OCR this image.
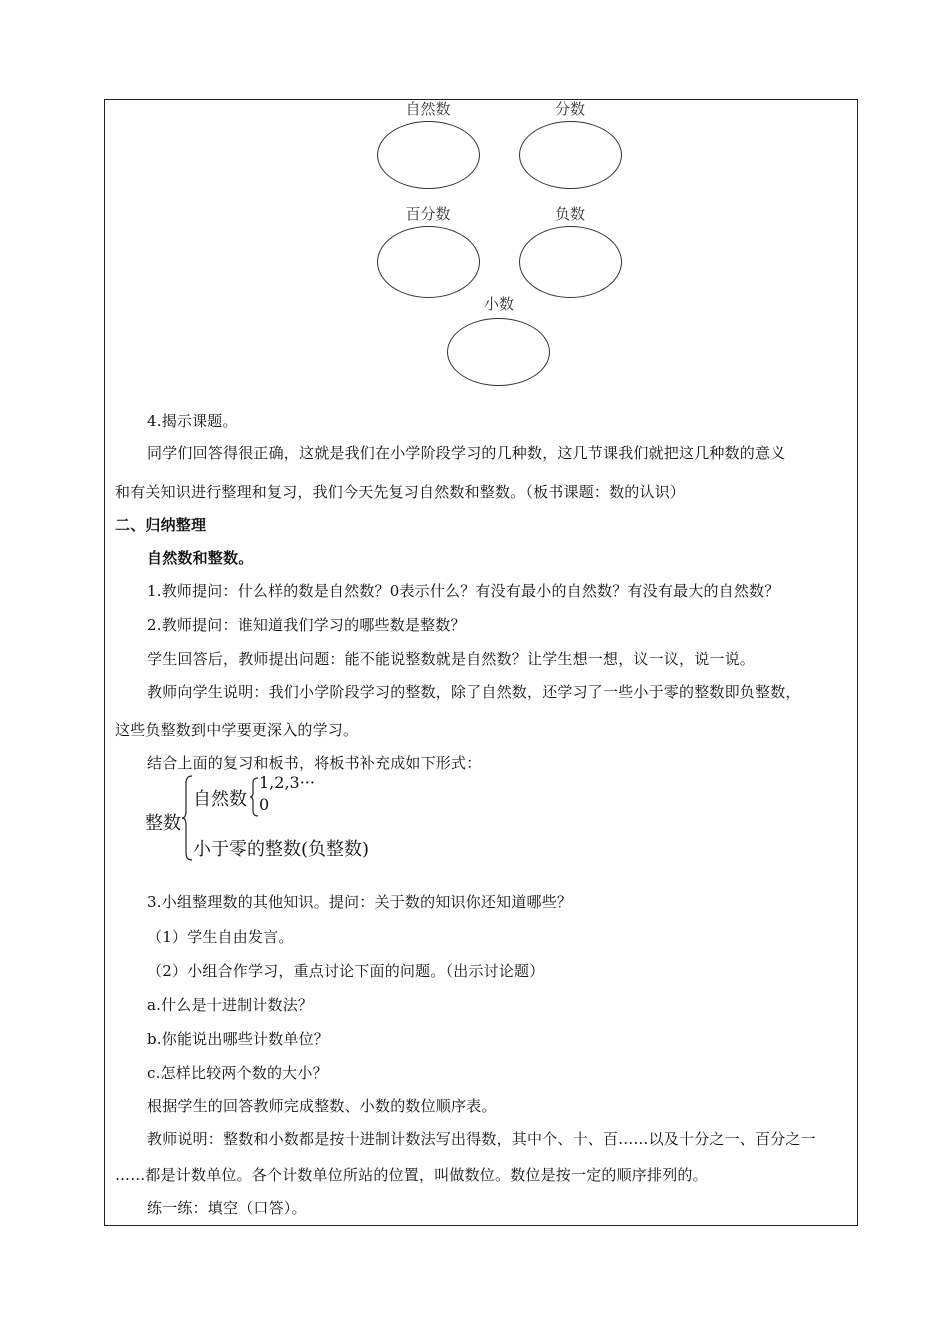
自然数	分数
百分数	负数
小数
4.揭示课题。
同学们回答得很正确，这就是我们在小学阶段学习的几种数，这几节课我们就把这几种数的意义
和有关知识进行整理和复习，我们今天先复习自然数和整数。（板书课题：数的认识）
二、归纳整理
自然数和整数。
1.教师提问：什么样的数是自然数？0表示什么？有没有最小的自然数？有没有最大的自然数？
2.教师提问：谁知道我们学习的哪些数是整数？
学生回答后，教师提出问题：能不能说整数就是自然数？让学生想一想，议一议，说一说。
教师向学生说明：我们小学阶段学习的整数，除了自然数，还学习了一些小于零的整数即负整数，
这些负整数到中学要更深入的学习。
结合上面的复习和板书，将板书补充成如下形式：
整数
自然数
1,2,3···
0
小于零的整数(负整数)
3.小组整理数的其他知识。提问：关于数的知识你还知道哪些？
（1）学生自由发言。
（2）小组合作学习，重点讨论下面的问题。（出示讨论题）
a.什么是十进制计数法？
b.你能说出哪些计数单位？
c.怎样比较两个数的大小？
根据学生的回答教师完成整数、小数的数位顺序表。
教师说明：整数和小数都是按十进制计数法写出得数，其中个、十、百……以及十分之一、百分之一
……都是计数单位。各个计数单位所站的位置，叫做数位。数位是按一定的顺序排列的。
练一练：填空（口答）。
